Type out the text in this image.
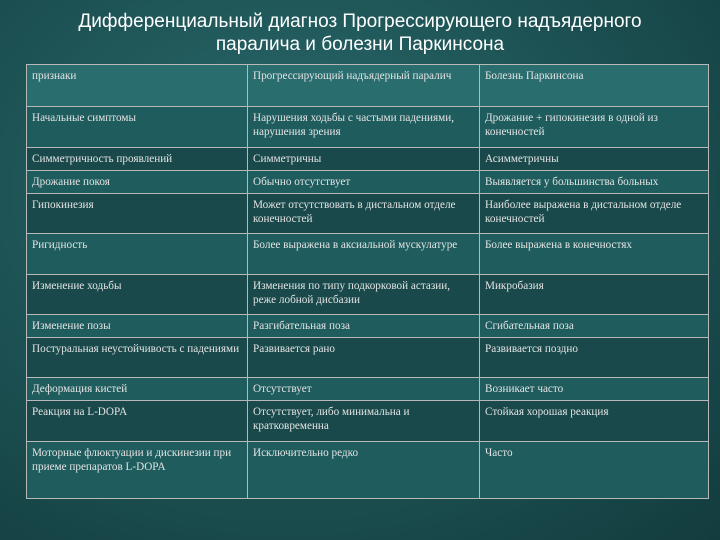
Дифференциальный диагноз Прогрессирующего надъядерного
паралича и болезни Паркинсона
признаки	Прогрессирующий надъядерный паралич	Болезнь Паркинсона
Начальные симптомы	Нарушения ходьбы с частыми падениями, нарушения зрения	Дрожание + гипокинезия в одной из конечностей
Симметричность проявлений	Симметричны	Асимметричны
Дрожание покоя	Обычно отсутствует	Выявляется у большинства больных
Гипокинезия	Может отсутствовать в дистальном отделе конечностей	Наиболее выражена в дистальном отделе конечностей
Ригидность	Более выражена в аксиальной мускулатуре	Более выражена в конечностях
Изменение ходьбы	Изменения по типу подкорковой астазии, реже лобной дисбазии	Микробазия
Изменение позы	Разгибательная поза	Сгибательная поза
Постуральная неустойчивость с падениями	Развивается рано	Развивается поздно
Деформация кистей	Отсутствует	Возникает часто
Реакция на L-DOPA	Отсутствует, либо минимальна и кратковременна	Стойкая хорошая реакция
Моторные флюктуации и дискинезии при приеме препаратов L-DOPA	Исключительно редко	Часто
